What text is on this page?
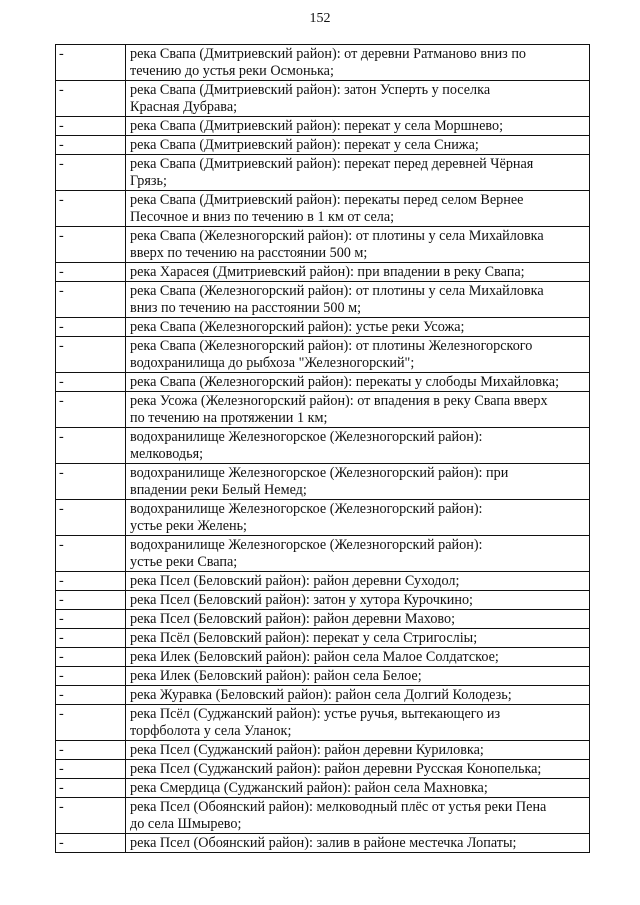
152
-	река Свапа (Дмитриевский район): от деревни Ратманово вниз по
течению до устья реки Осмонька;

-	река Свапа (Дмитриевский район): затон Усперть у поселка
Красная Дубрава;

-	река Свапа (Дмитриевский район): перекат у села Моршнево;

-	река Свапа (Дмитриевский район): перекат у села Снижа;

-	река Свапа (Дмитриевский район): перекат перед деревней Чёрная
Грязь;

-	река Свапа (Дмитриевский район): перекаты перед селом Вернее
Песочное и вниз по течению в 1 км от села;

-	река Свапа (Железногорский район): от плотины у села Михайловка
вверх по течению на расстоянии 500 м;

-	река Харасея (Дмитриевский район): при впадении в реку Свапа;

-	река Свапа (Железногорский район): от плотины у села Михайловка
вниз по течению на расстоянии 500 м;

-	река Свапа (Железногорский район): устье реки Усожа;

-	река Свапа (Железногорский район): от плотины Железногорского
водохранилища до рыбхоза "Железногорский";

-	река Свапа (Железногорский район): перекаты у слободы Михайловка;

-	река Усожа (Железногорский район): от впадения в реку Свапа вверх
по течению на протяжении 1 км;

-	водохранилище Железногорское (Железногорский район):
мелководья;

-	водохранилище Железногорское (Железногорский район): при
впадении реки Белый Немед;

-	водохранилище Железногорское (Железногорский район):
устье реки Желень;

-	водохранилище Железногорское (Железногорский район):
устье реки Свапа;

-	река Псел (Беловский район): район деревни Суходол;

-	река Псел (Беловский район): затон у хутора Курочкино;

-	река Псел (Беловский район): район деревни Махово;

-	река Псёл (Беловский район): перекат у села Стригосліы;

-	река Илек (Беловский район): район села Малое Солдатское;

-	река Илек (Беловский район): район села Белое;

-	река Журавка (Беловский район): район села Долгий Колодезь;

-	река Псёл (Суджанский район): устье ручья, вытекающего из
торфболота у села Уланок;

-	река Псел (Суджанский район): район деревни Куриловка;

-	река Псел (Суджанский район): район деревни Русская Конопелька;

-	река Смердица (Суджанский район): район села Махновка;

-	река Псел (Обоянский район): мелководный плёс от устья реки Пена
до села Шмырево;

-	река Псел (Обоянский район): залив в районе местечка Лопаты;
